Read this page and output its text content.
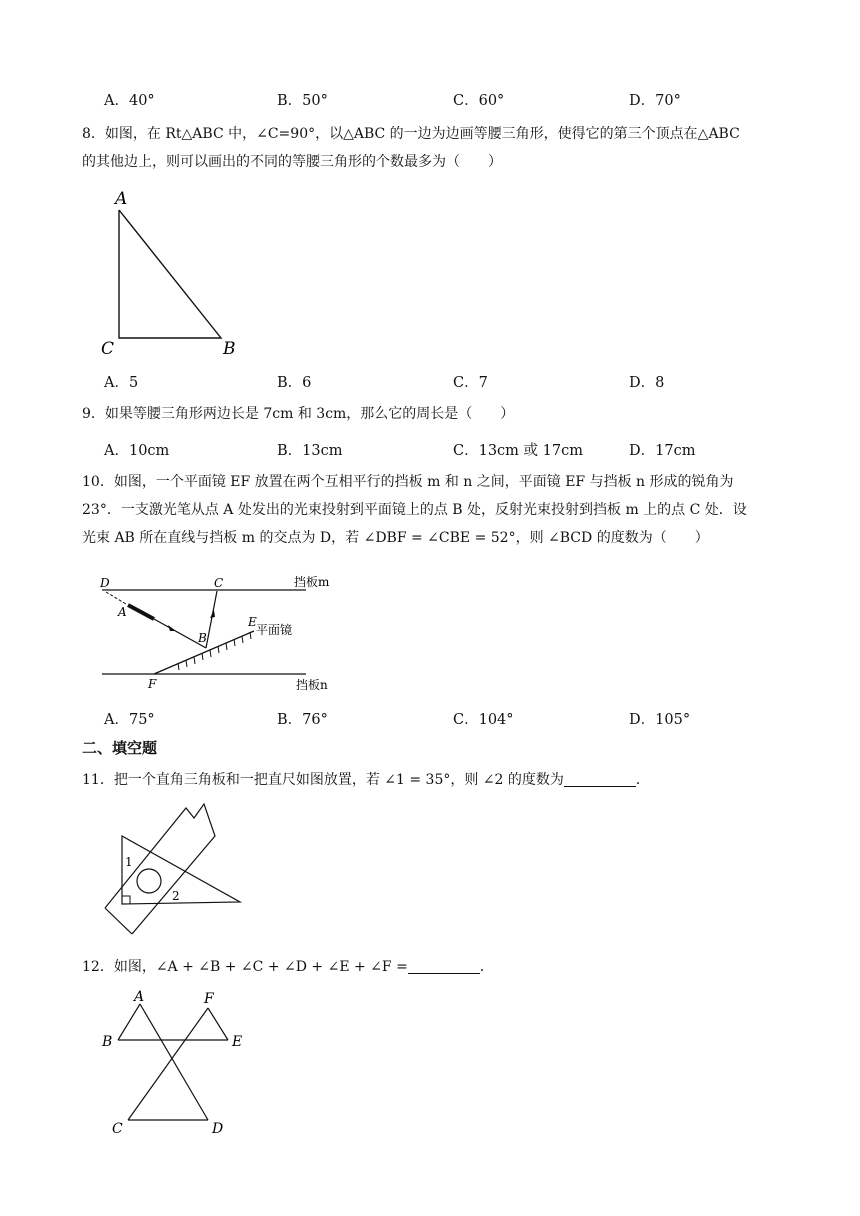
A．40°	B．50°	C．60°	D．70°
8．如图，在 Rt△ABC 中，∠C=90°，以△ABC 的一边为边画等腰三角形，使得它的第三个顶点在△ABC
的其他边上，则可以画出的不同的等腰三角形的个数最多为（　　）
A
C	B
A．5	B．6	C．7	D．8
9．如果等腰三角形两边长是 7cm 和 3cm，那么它的周长是（　　）
A．10cm	B．13cm	C．13cm 或 17cm	D．17cm
10．如图，一个平面镜 EF 放置在两个互相平行的挡板 m 和 n 之间，平面镜 EF 与挡板 n 形成的锐角为
23°．一支激光笔从点 A 处发出的光束投射到平面镜上的点 B 处，反射光束投射到挡板 m 上的点 C 处．设
光束 AB 所在直线与挡板 m 的交点为 D，若 ∠DBF = ∠CBE = 52°，则 ∠BCD 的度数为（　　）
D	C
A
B
E
F
挡板m
挡板n
平面镜
A．75°	B．76°	C．104°	D．105°
二、填空题
11．把一个直角三角板和一把直尺如图放置，若 ∠1 = 35°，则 ∠2 的度数为	．
1
2
12．如图，∠A + ∠B + ∠C + ∠D + ∠E + ∠F =	．
A	F
B	E
C	D
